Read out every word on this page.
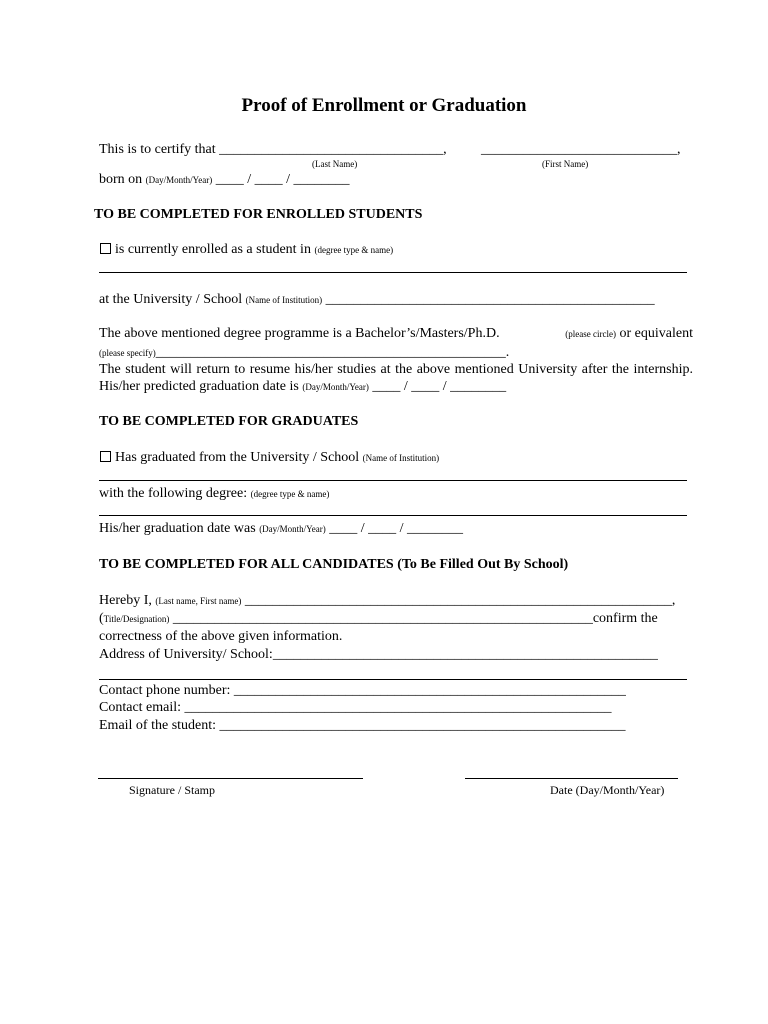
Proof of Enrollment or Graduation
This is to certify that ________________________________, ____________________________,
(Last Name)	(First Name)
born on (Day/Month/Year) ____ / ____ / ________
TO BE COMPLETED FOR ENROLLED STUDENTS
is currently enrolled as a student in (degree type & name)
at the University / School (Name of Institution) _______________________________________________
The above mentioned degree programme is a Bachelor’s/Masters/Ph.D.	(please circle) or equivalent
(please specify)__________________________________________________.
The student will return to resume his/her studies at the above mentioned University after the internship. His/her predicted graduation date is (Day/Month/Year) ____ / ____ / ________
TO BE COMPLETED FOR GRADUATES
Has graduated from the University / School (Name of Institution)
with the following degree: (degree type & name)
His/her graduation date was (Day/Month/Year) ____ / ____ / ________
TO BE COMPLETED FOR ALL CANDIDATES (To Be Filled Out By School)
Hereby I, (Last name, First name) _____________________________________________________________,
(Title/Designation) ____________________________________________________________confirm the
correctness of the above given information.
Address of University/ School:_______________________________________________________
Contact phone number: ________________________________________________________
Contact email: _____________________________________________________________
Email of the student: __________________________________________________________
Signature / Stamp	Date (Day/Month/Year)
